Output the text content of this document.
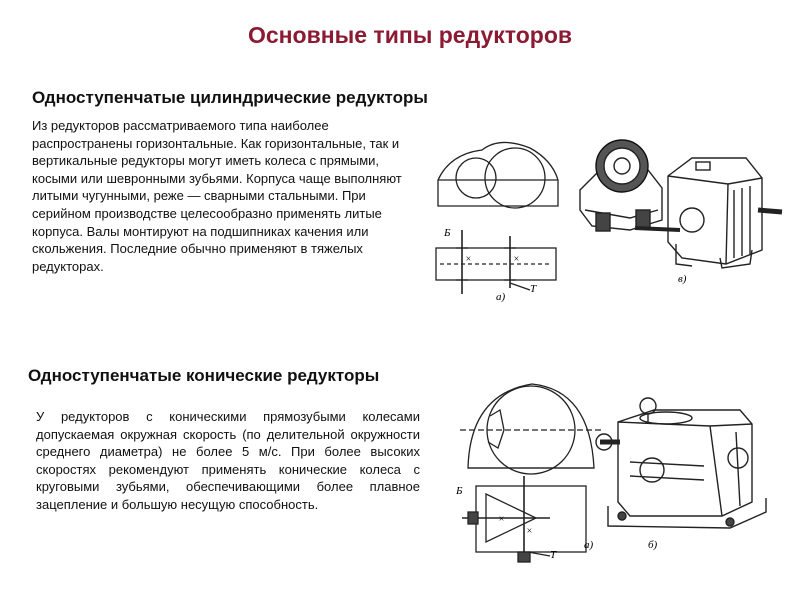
Основные типы редукторов
Одноступенчатые цилиндрические редукторы
Из редукторов рассматриваемого типа наиболее распространены горизонтальные. Как горизонтальные, так и вертикальные редукторы могут иметь колеса с прямыми, косыми или шевронными зубьями. Корпуса чаще выполняют литыми чугунными, реже — сварными стальными. При серийном производстве целесообразно применять литые корпуса. Валы монтируют на подшипниках качения или скольжения. Последние обычно применяют в тяжелых редукторах.	×	×
Б
Т
а)
в)
Одноступенчатые конические редукторы
У редукторов с коническими прямозубыми колесами допускаемая окружная скорость (по делительной окружности среднего диаметра) не более 5 м/с. При более высоких скоростях рекомендуют применять конические колеса с круговыми зубьями, обеспечивающими более плавное зацепление и большую несущую способность.
×
×
Б
Т
а)	б)
